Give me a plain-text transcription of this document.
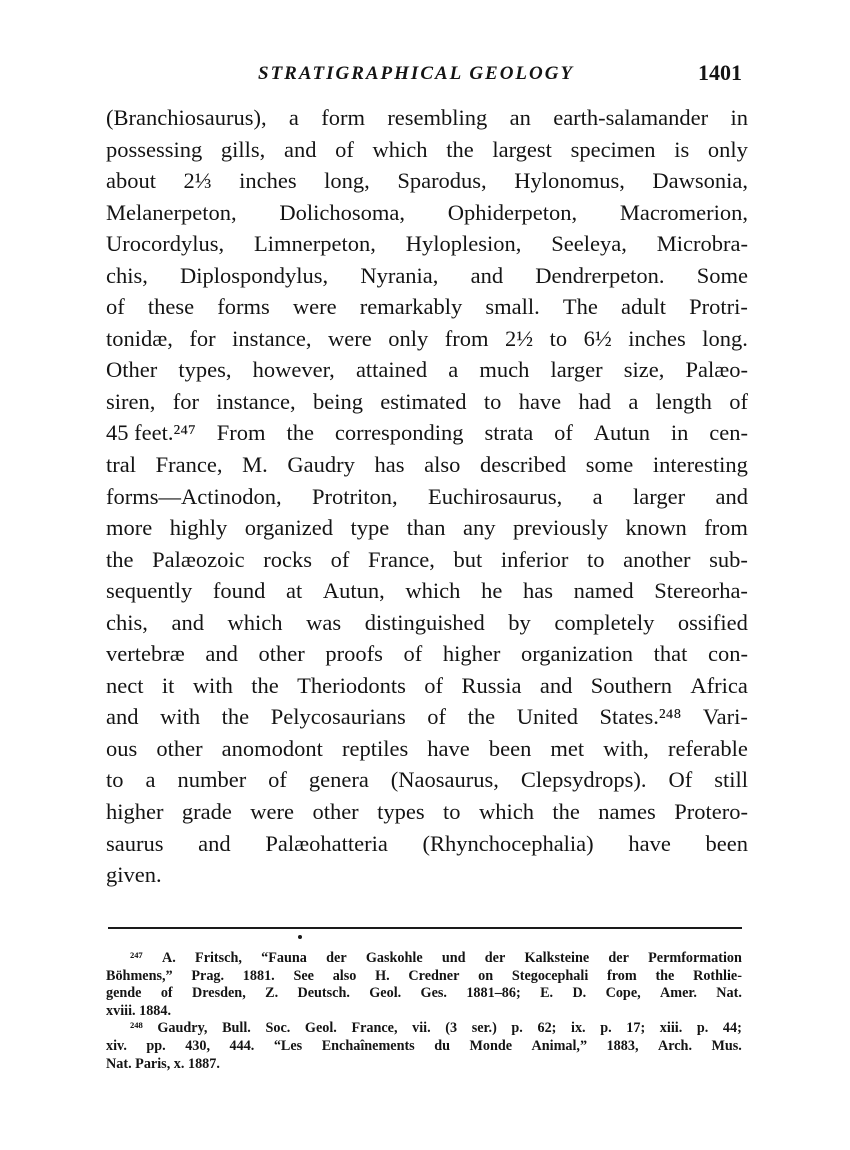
STRATIGRAPHICAL GEOLOGY	1401
(Branchiosaurus), a form resembling an earth-salamander in
possessing gills, and of which the largest specimen is only
about 2⅓ inches long, Sparodus, Hylonomus, Dawsonia,
Melanerpeton, Dolichosoma, Ophiderpeton, Macromerion,
Urocordylus, Limnerpeton, Hyloplesion, Seeleya, Microbra-
chis, Diplospondylus, Nyrania, and Dendrerpeton. Some
of these forms were remarkably small. The adult Protri-
tonidæ, for instance, were only from 2½ to 6½ inches long.
Other types, however, attained a much larger size, Palæo-
siren, for instance, being estimated to have had a length of
45 feet.²⁴⁷ From the corresponding strata of Autun in cen-
tral France, M. Gaudry has also described some interesting
forms—Actinodon, Protriton, Euchirosaurus, a larger and
more highly organized type than any previously known from
the Palæozoic rocks of France, but inferior to another sub-
sequently found at Autun, which he has named Stereorha-
chis, and which was distinguished by completely ossified
vertebræ and other proofs of higher organization that con-
nect it with the Theriodonts of Russia and Southern Africa
and with the Pelycosaurians of the United States.²⁴⁸ Vari-
ous other anomodont reptiles have been met with, referable
to a number of genera (Naosaurus, Clepsydrops). Of still
higher grade were other types to which the names Protero-
saurus and Palæohatteria (Rhynchocephalia) have been
given.
²⁴⁷ A. Fritsch, “Fauna der Gaskohle und der Kalksteine der Permformation
Böhmens,” Prag. 1881. See also H. Credner on Stegocephali from the Rothlie-
gende of Dresden, Z. Deutsch. Geol. Ges. 1881–86; E. D. Cope, Amer. Nat.
xviii.
1884.
²⁴⁸ Gaudry, Bull. Soc. Geol. France, vii. (3 ser.) p. 62; ix. p. 17; xiii. p. 44;
xiv. pp. 430, 444. “Les Enchaînements du Monde Animal,” 1883, Arch. Mus.
Nat.
Paris,
x.
1887.
